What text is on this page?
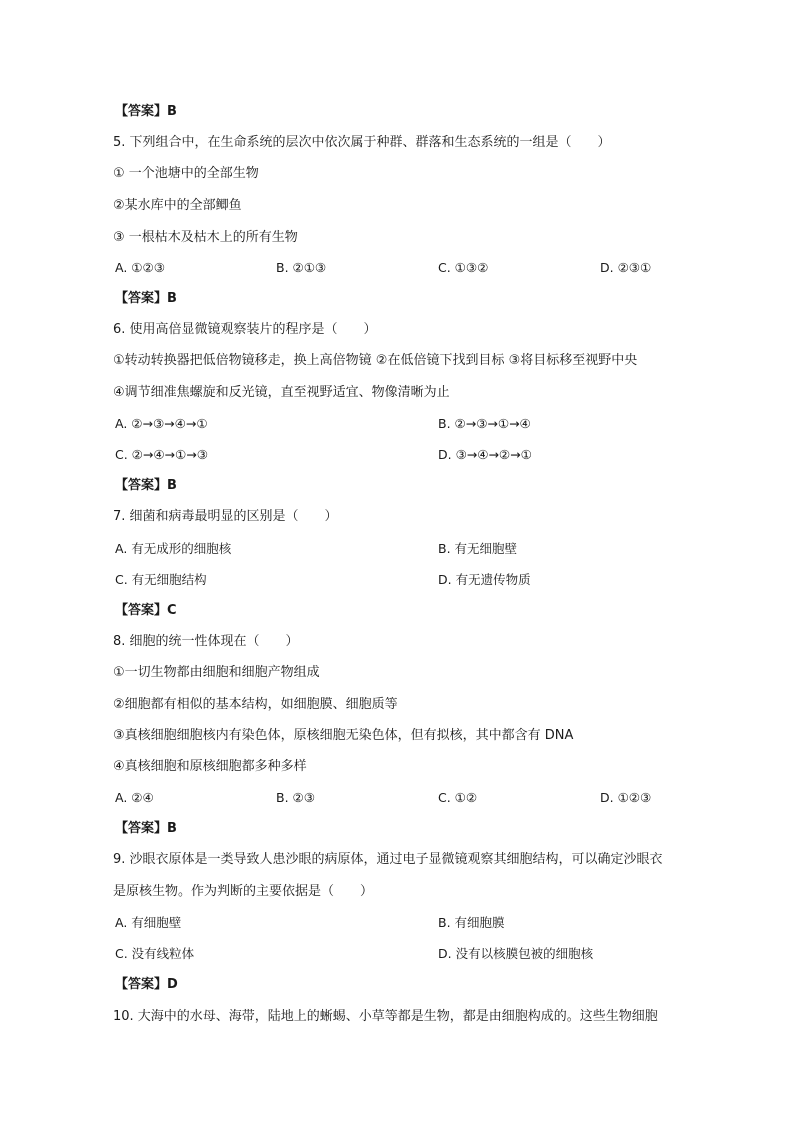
【答案】B
5. 下列组合中，在生命系统的层次中依次属于种群、群落和生态系统的一组是（　　）
① 一个池塘中的全部生物
②某水库中的全部鲫鱼
③ 一根枯木及枯木上的所有生物
A. ①②③	B. ②①③	C. ①③②	D. ②③①
【答案】B
6. 使用高倍显微镜观察装片的程序是（　　）
①转动转换器把低倍物镜移走，换上高倍物镜 ②在低倍镜下找到目标 ③将目标移至视野中央
④调节细准焦螺旋和反光镜，直至视野适宜、物像清晰为止
A. ②→③→④→①	B. ②→③→①→④
C. ②→④→①→③	D. ③→④→②→①
【答案】B
7. 细菌和病毒最明显的区别是（　　）
A. 有无成形的细胞核	B. 有无细胞壁
C. 有无细胞结构	D. 有无遗传物质
【答案】C
8. 细胞的统一性体现在（　　）
①一切生物都由细胞和细胞产物组成
②细胞都有相似的基本结构，如细胞膜、细胞质等
③真核细胞细胞核内有染色体，原核细胞无染色体，但有拟核，其中都含有 DNA
④真核细胞和原核细胞都多种多样
A. ②④	B. ②③	C. ①②	D. ①②③
【答案】B
9. 沙眼衣原体是一类导致人患沙眼的病原体，通过电子显微镜观察其细胞结构，可以确定沙眼衣
是原核生物。作为判断的主要依据是（　　）
A. 有细胞壁	B. 有细胞膜
C. 没有线粒体	D. 没有以核膜包被的细胞核
【答案】D
10. 大海中的水母、海带，陆地上的蜥蜴、小草等都是生物，都是由细胞构成的。这些生物细胞
